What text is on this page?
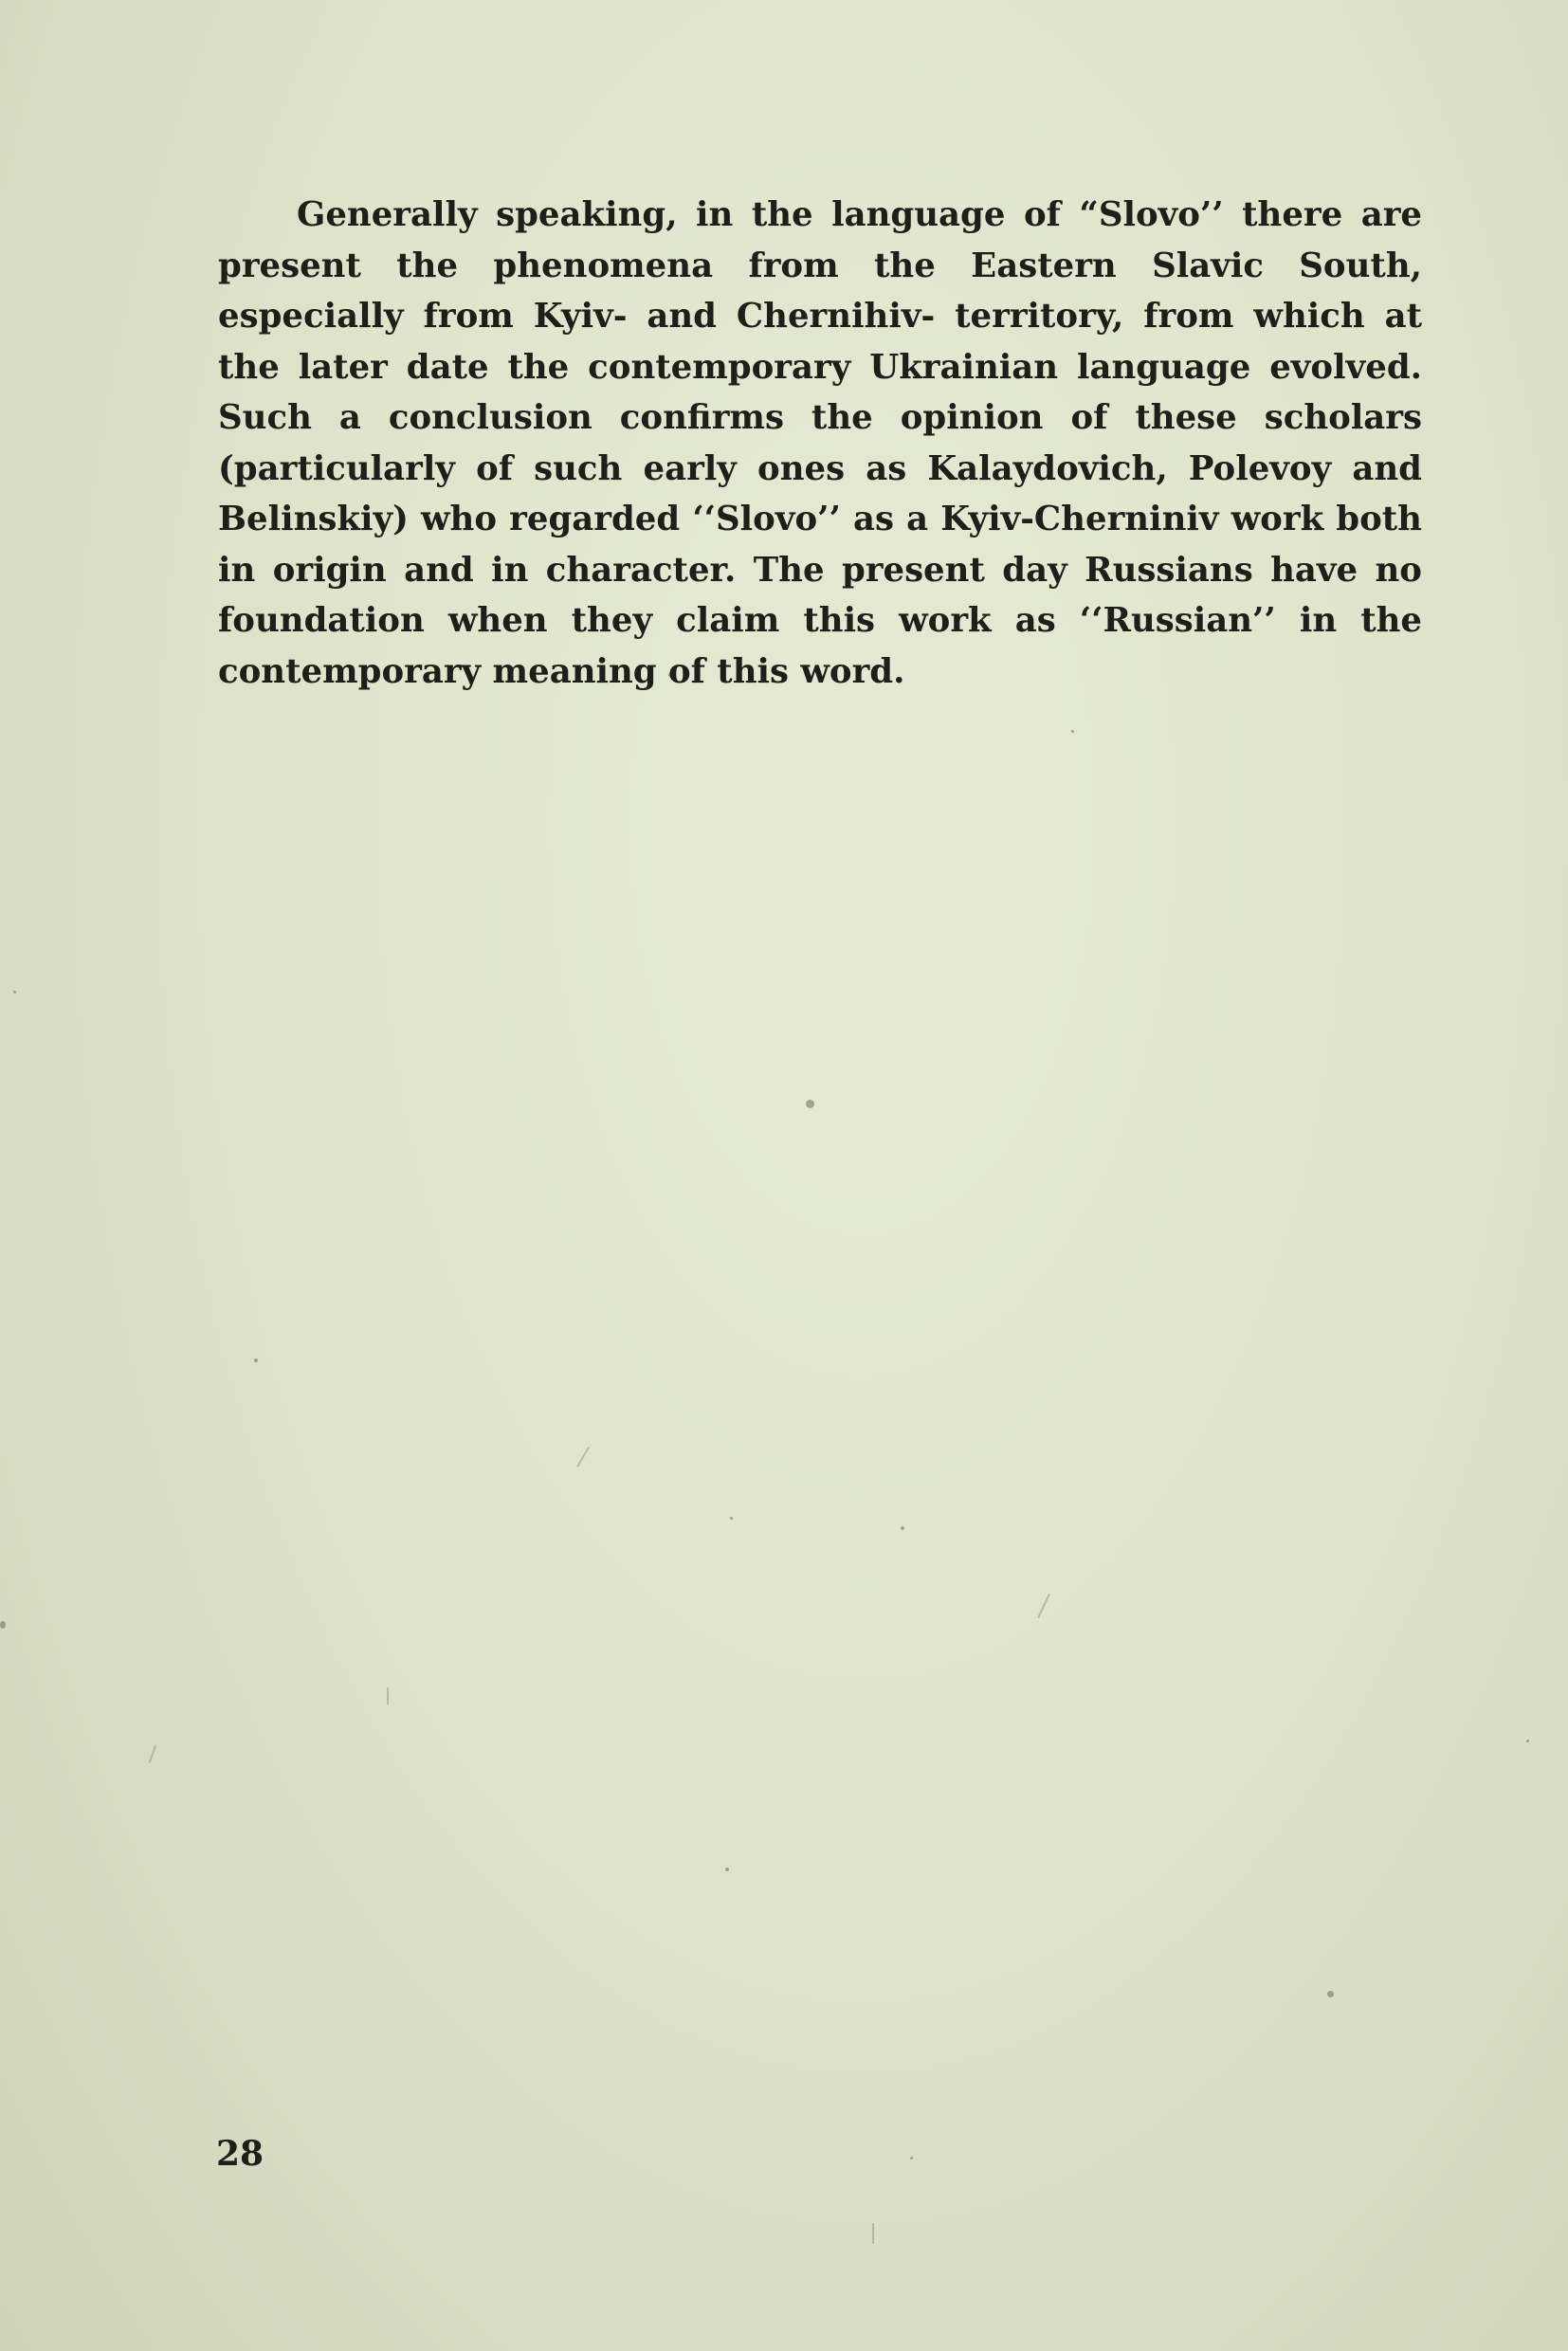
Generally speaking, in the language of “Slovo’’ there are present the phenomena from the Eastern Slavic South, especially from Kyiv- and Chernihiv- territory, from which at the later date the contemporary Ukrainian language evolved. Such a conclusion confirms the opinion of these scholars (particularly of such early ones as Kalaydovich, Polevoy and Belinskiy) who regarded ‘‘Slovo’’ as a Kyiv-Cherniniv work both in origin and in character. The present day Russians have no foundation when they claim this work as ‘‘Russian’’ in the contemporary meaning of this word.

28
